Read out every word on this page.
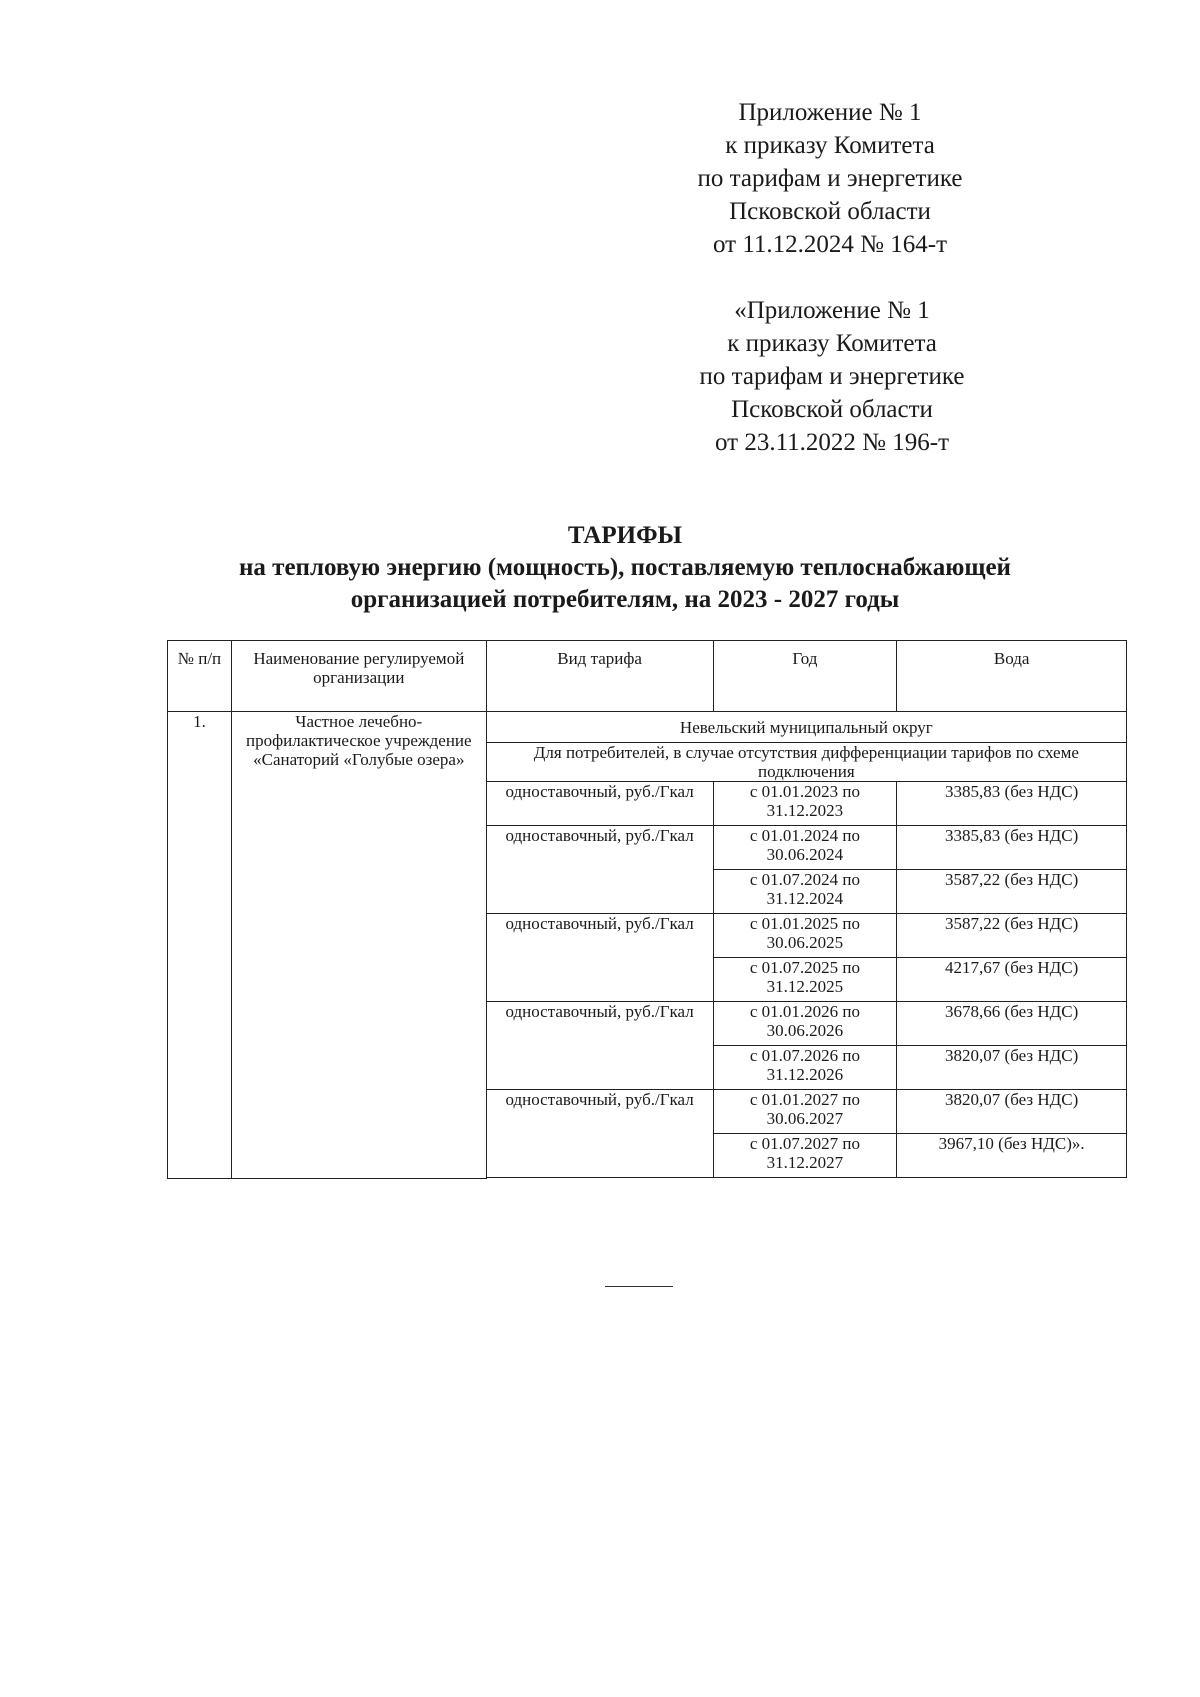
Приложение № 1
к приказу Комитета
по тарифам и энергетике
Псковской области
от 11.12.2024 № 164-т
«Приложение № 1
к приказу Комитета
по тарифам и энергетике
Псковской области
от 23.11.2022 № 196-т
ТАРИФЫ
на тепловую энергию (мощность), поставляемую теплоснабжающей
организацией потребителям, на 2023 - 2027 годы
№ п/п	Наименование регулируемой организации	Вид тарифа	Год	Вода
1.	Частное лечебно-профилактическое учреждение «Санаторий «Голубые озера»	Невельский муниципальный округ		
		Для потребителей, в случае отсутствия дифференциации тарифов по схеме подключения		
		одноставочный, руб./Гкал	с 01.01.2023 по 31.12.2023	3385,83 (без НДС)
		одноставочный, руб./Гкал	с 01.01.2024 по 30.06.2024	3385,83 (без НДС)
			с 01.07.2024 по 31.12.2024	3587,22 (без НДС)
		одноставочный, руб./Гкал	с 01.01.2025 по 30.06.2025	3587,22 (без НДС)
			с 01.07.2025 по 31.12.2025	4217,67 (без НДС)
		одноставочный, руб./Гкал	с 01.01.2026 по 30.06.2026	3678,66 (без НДС)
			с 01.07.2026 по 31.12.2026	3820,07 (без НДС)
		одноставочный, руб./Гкал	с 01.01.2027 по 30.06.2027	3820,07 (без НДС)
			с 01.07.2027 по 31.12.2027	3967,10 (без НДС)».
